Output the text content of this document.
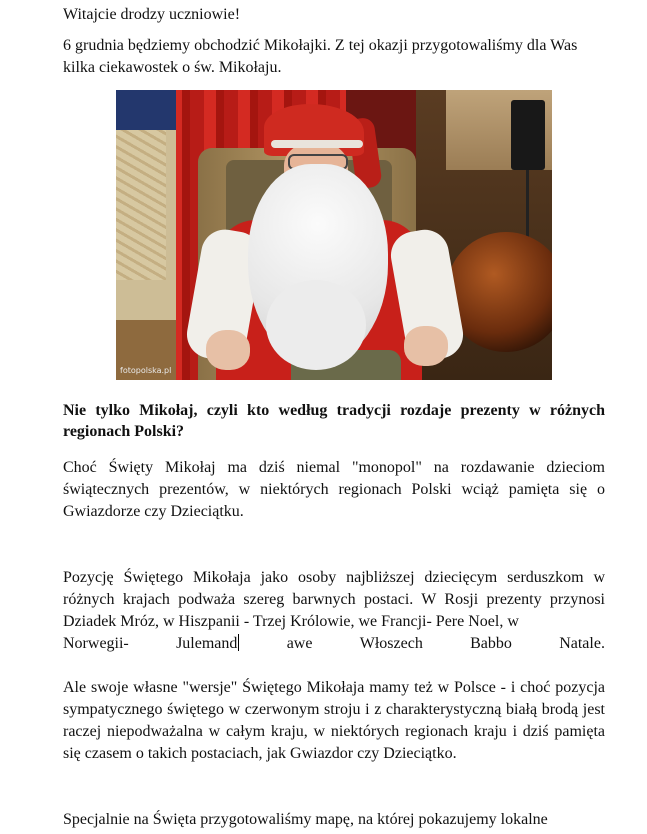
Witajcie drodzy uczniowie!

6 grudnia będziemy obchodzić Mikołajki. Z tej okazji przygotowaliśmy dla Was kilka ciekawostek o św. Mikołaju.

fotopolska.pl

Nie tylko Mikołaj, czyli kto według tradycji rozdaje prezenty w różnych regionach Polski?

Choć Święty Mikołaj ma dziś niemal "monopol" na rozdawanie dzieciom świątecznych prezentów, w niektórych regionach Polski wciąż pamięta się o Gwiazdorze czy Dzieciątku.

Pozycję Świętego Mikołaja jako osoby najbliższej dziecięcym serduszkom w różnych krajach podważa szereg barwnych postaci. W Rosji prezenty przynosi Dziadek Mróz, w Hiszpanii - Trzej Królowie, we Francji- Pere Noel, w
Norwegii-	Julemand	awe	Włoszech	Babbo	Natale.

Ale swoje własne "wersje" Świętego Mikołaja mamy też w Polsce - i choć pozycja sympatycznego świętego w czerwonym stroju i z charakterystyczną białą brodą jest raczej niepodważalna w całym kraju, w niektórych regionach kraju i dziś pamięta się czasem o takich postaciach, jak Gwiazdor czy Dzieciątko.

Specjalnie na Święta przygotowaliśmy mapę, na której pokazujemy lokalne
